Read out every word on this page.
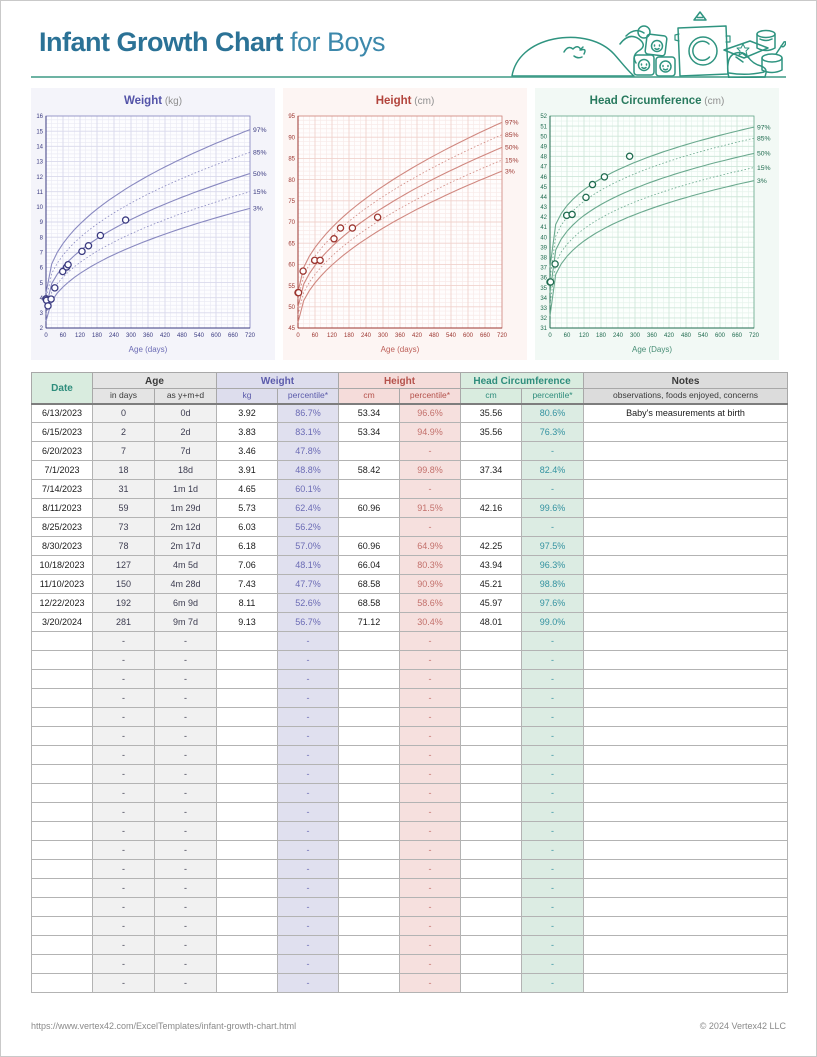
Infant Growth Chart for Boys
Weight (kg)
0 60 120 180 240 300 360 420 480 540 600 660 720
2
3
4
5
6
7
8
9
10
11
12
13
14
15
16
97%
85%
50%
15%
3%
Age (days)
Height (cm)
0 60 120 180 240 300 360 420 480 540 600 660 720
45
50
55
60
65
70
75
80
85
90
95
97%
85%
50%
15%
3%
Age (days)
Head Circumference (cm)
0 60 120 180 240 300 360 420 480 540 600 660 720
31
32
33
34
35
36
37
38
39
40
41
42
43
44
45
46
47
48
49
50
51
52
97%
85%
50%
15%
3%
Age (Days)
Date	Age		Weight		Height		Head Circumference		Notes
	in days	as y+m+d	kg	percentile*	cm	percentile*	cm	percentile*	observations, foods enjoyed, concerns
6/13/2023	0	0d	3.92	86.7%	53.34	96.6%	35.56	80.6%	Baby's measurements at birth
6/15/2023	2	2d	3.83	83.1%	53.34	94.9%	35.56	76.3%	
6/20/2023	7	7d	3.46	47.8%		-		-	
7/1/2023	18	18d	3.91	48.8%	58.42	99.8%	37.34	82.4%	
7/14/2023	31	1m 1d	4.65	60.1%		-		-	
8/11/2023	59	1m 29d	5.73	62.4%	60.96	91.5%	42.16	99.6%	
8/25/2023	73	2m 12d	6.03	56.2%		-		-	
8/30/2023	78	2m 17d	6.18	57.0%	60.96	64.9%	42.25	97.5%	
10/18/2023	127	4m 5d	7.06	48.1%	66.04	80.3%	43.94	96.3%	
11/10/2023	150	4m 28d	7.43	47.7%	68.58	90.9%	45.21	98.8%	
12/22/2023	192	6m 9d	8.11	52.6%	68.58	58.6%	45.97	97.6%	
3/20/2024	281	9m 7d	9.13	56.7%	71.12	30.4%	48.01	99.0%	
	-	-		-		-		-	
	-	-		-		-		-	
	-	-		-		-		-	
	-	-		-		-		-	
	-	-		-		-		-	
	-	-		-		-		-	
	-	-		-		-		-	
	-	-		-		-		-	
	-	-		-		-		-	
	-	-		-		-		-	
	-	-		-		-		-	
	-	-		-		-		-	
	-	-		-		-		-	
	-	-		-		-		-	
	-	-		-		-		-	
	-	-		-		-		-	
	-	-		-		-		-	
	-	-		-		-		-	
	-	-		-		-		-	
https://www.vertex42.com/ExcelTemplates/infant-growth-chart.html	© 2024 Vertex42 LLC
